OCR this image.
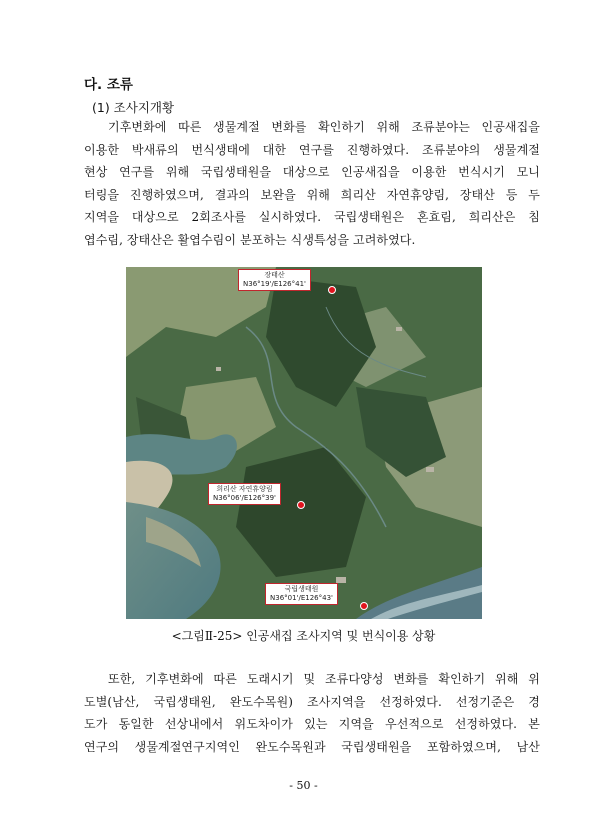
다. 조류
(1) 조사지개황
기후변화에 따른 생물계절 변화를 확인하기 위해 조류분야는 인공새집을
이용한 박새류의 번식생태에 대한 연구를 진행하였다. 조류분야의 생물계절
현상 연구를 위해 국립생태원을 대상으로 인공새집을 이용한 번식시기 모니
터링을 진행하였으며, 결과의 보완을 위해 희리산 자연휴양림, 장태산 등 두
지역을 대상으로 2회조사를 실시하였다. 국립생태원은 혼효림, 희리산은 침
엽수림, 장태산은 활엽수림이 분포하는 식생특성을 고려하였다.
장태산
N36°19'/E126°41'
희리산 자연휴양림
N36°06'/E126°39'
국립생태원
N36°01'/E126°43'
<그림Ⅱ-25> 인공새집 조사지역 및 번식이용 상황
또한, 기후변화에 따른 도래시기 및 조류다양성 변화를 확인하기 위해 위
도별(남산, 국립생태원, 완도수목원) 조사지역을 선정하였다. 선정기준은 경
도가 동일한 선상내에서 위도차이가 있는 지역을 우선적으로 선정하였다. 본
연구의 생물계절연구지역인 완도수목원과 국립생태원을 포함하였으며, 남산
- 50 -
